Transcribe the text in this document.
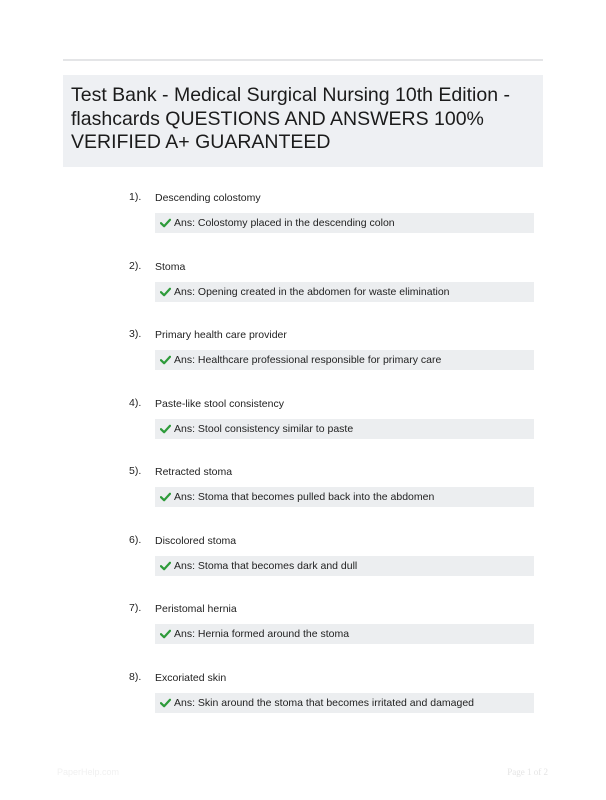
Test Bank - Medical Surgical Nursing 10th Edition - flashcards QUESTIONS AND ANSWERS 100% VERIFIED A+ GUARANTEED
1). Descending colostomy
Ans: Colostomy placed in the descending colon
2). Stoma
Ans: Opening created in the abdomen for waste elimination
3). Primary health care provider
Ans: Healthcare professional responsible for primary care
4). Paste-like stool consistency
Ans: Stool consistency similar to paste
5). Retracted stoma
Ans: Stoma that becomes pulled back into the abdomen
6). Discolored stoma
Ans: Stoma that becomes dark and dull
7). Peristomal hernia
Ans: Hernia formed around the stoma
8). Excoriated skin
Ans: Skin around the stoma that becomes irritated and damaged
PaperHelp.com	Page 1 of 2
